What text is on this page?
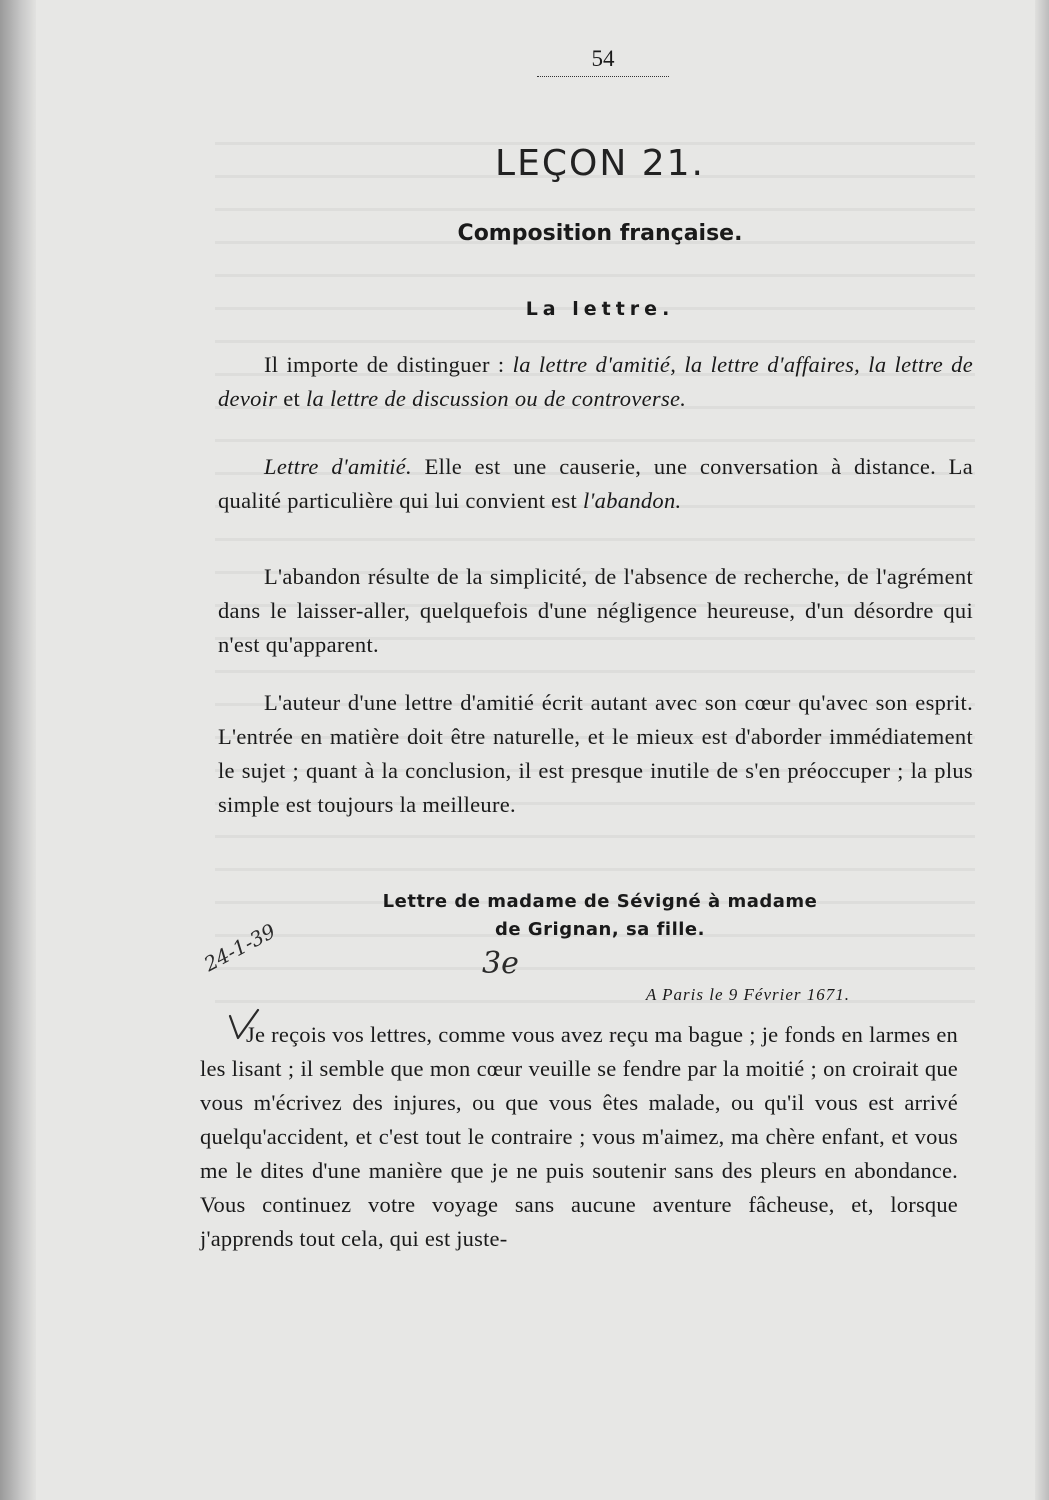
54
LEÇON 21.
Composition française.
La lettre.
Il importe de distinguer : la lettre d'amitié, la lettre d'affaires, la lettre de devoir et la lettre de discussion ou de controverse.
Lettre d'amitié. Elle est une causerie, une conversation à distance. La qualité particulière qui lui convient est l'abandon.
L'abandon résulte de la simplicité, de l'absence de recherche, de l'agrément dans le laisser-aller, quelquefois d'une négligence heureuse, d'un désordre qui n'est qu'apparent.
L'auteur d'une lettre d'amitié écrit autant avec son cœur qu'avec son esprit. L'entrée en matière doit être naturelle, et le mieux est d'aborder immédiatement le sujet ; quant à la conclusion, il est presque inutile de s'en préoccuper ; la plus simple est toujours la meilleure.
Lettre de madame de Sévigné à madame
de Grignan, sa fille.
24-1-39	3e
A Paris le 9 Février 1671.
Je reçois vos lettres, comme vous avez reçu ma bague ; je fonds en larmes en les lisant ; il semble que mon cœur veuille se fendre par la moitié ; on croirait que vous m'écrivez des injures, ou que vous êtes malade, ou qu'il vous est arrivé quelqu'accident, et c'est tout le contraire ; vous m'aimez, ma chère enfant, et vous me le dites d'une manière que je ne puis soutenir sans des pleurs en abondance. Vous continuez votre voyage sans aucune aventure fâcheuse, et, lorsque j'apprends tout cela, qui est juste-
